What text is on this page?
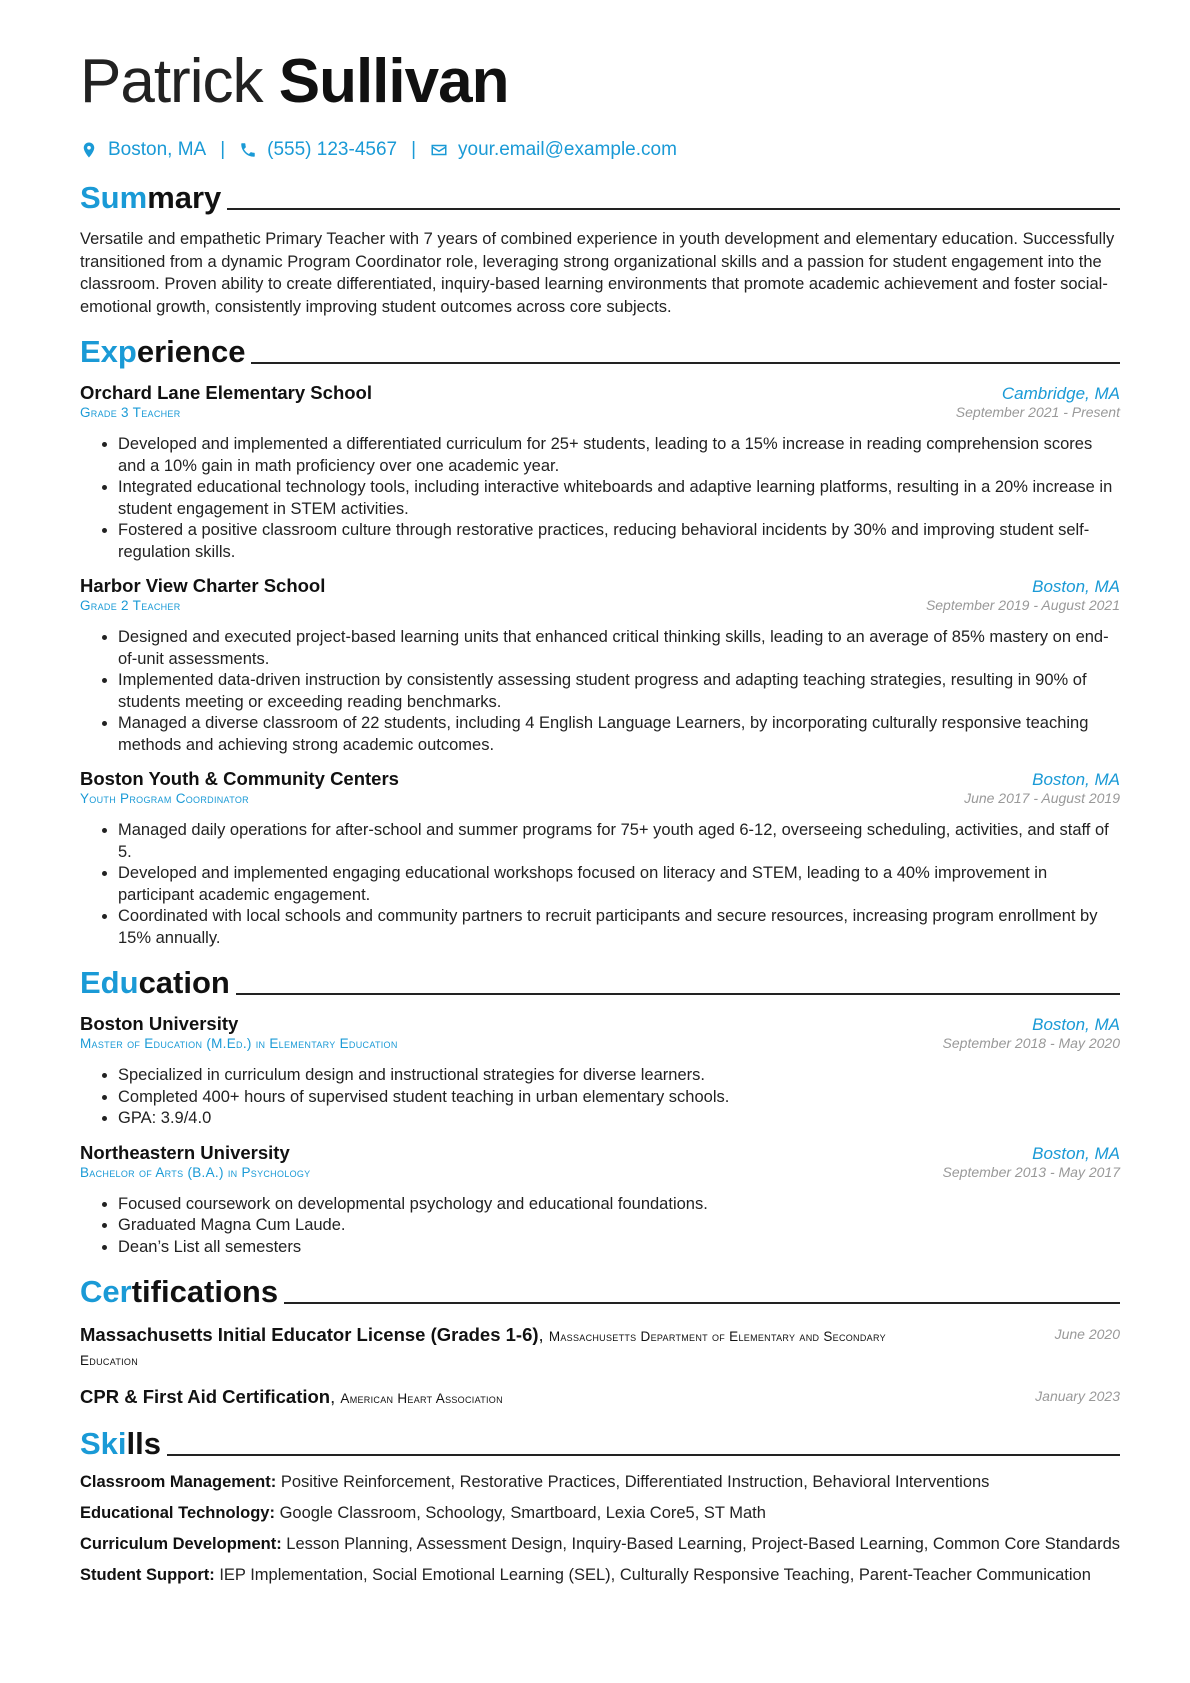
Patrick Sullivan
Boston, MA | (555) 123-4567 | your.email@example.com
Summary
Versatile and empathetic Primary Teacher with 7 years of combined experience in youth development and elementary education. Successfully transitioned from a dynamic Program Coordinator role, leveraging strong organizational skills and a passion for student engagement into the classroom. Proven ability to create differentiated, inquiry-based learning environments that promote academic achievement and foster social-emotional growth, consistently improving student outcomes across core subjects.
Experience
Orchard Lane Elementary School	Cambridge, MA
Grade 3 Teacher	September 2021 - Present
• Developed and implemented a differentiated curriculum for 25+ students, leading to a 15% increase in reading comprehension scores and a 10% gain in math proficiency over one academic year.
• Integrated educational technology tools, including interactive whiteboards and adaptive learning platforms, resulting in a 20% increase in student engagement in STEM activities.
• Fostered a positive classroom culture through restorative practices, reducing behavioral incidents by 30% and improving student self-regulation skills.
Harbor View Charter School	Boston, MA
Grade 2 Teacher	September 2019 - August 2021
• Designed and executed project-based learning units that enhanced critical thinking skills, leading to an average of 85% mastery on end-of-unit assessments.
• Implemented data-driven instruction by consistently assessing student progress and adapting teaching strategies, resulting in 90% of students meeting or exceeding reading benchmarks.
• Managed a diverse classroom of 22 students, including 4 English Language Learners, by incorporating culturally responsive teaching methods and achieving strong academic outcomes.
Boston Youth & Community Centers	Boston, MA
Youth Program Coordinator	June 2017 - August 2019
• Managed daily operations for after-school and summer programs for 75+ youth aged 6-12, overseeing scheduling, activities, and staff of 5.
• Developed and implemented engaging educational workshops focused on literacy and STEM, leading to a 40% improvement in participant academic engagement.
• Coordinated with local schools and community partners to recruit participants and secure resources, increasing program enrollment by 15% annually.
Education
Boston University	Boston, MA
Master of Education (M.Ed.) in Elementary Education	September 2018 - May 2020
• Specialized in curriculum design and instructional strategies for diverse learners.
• Completed 400+ hours of supervised student teaching in urban elementary schools.
• GPA: 3.9/4.0
Northeastern University	Boston, MA
Bachelor of Arts (B.A.) in Psychology	September 2013 - May 2017
• Focused coursework on developmental psychology and educational foundations.
• Graduated Magna Cum Laude.
• Dean’s List all semesters
Certifications
Massachusetts Initial Educator License (Grades 1-6), Massachusetts Department of Elementary and Secondary Education
June 2020
CPR & First Aid Certification, American Heart Association	January 2023
Skills
Classroom Management: Positive Reinforcement, Restorative Practices, Differentiated Instruction, Behavioral Interventions
Educational Technology: Google Classroom, Schoology, Smartboard, Lexia Core5, ST Math
Curriculum Development: Lesson Planning, Assessment Design, Inquiry-Based Learning, Project-Based Learning, Common Core Standards
Student Support: IEP Implementation, Social Emotional Learning (SEL), Culturally Responsive Teaching, Parent-Teacher Communication
